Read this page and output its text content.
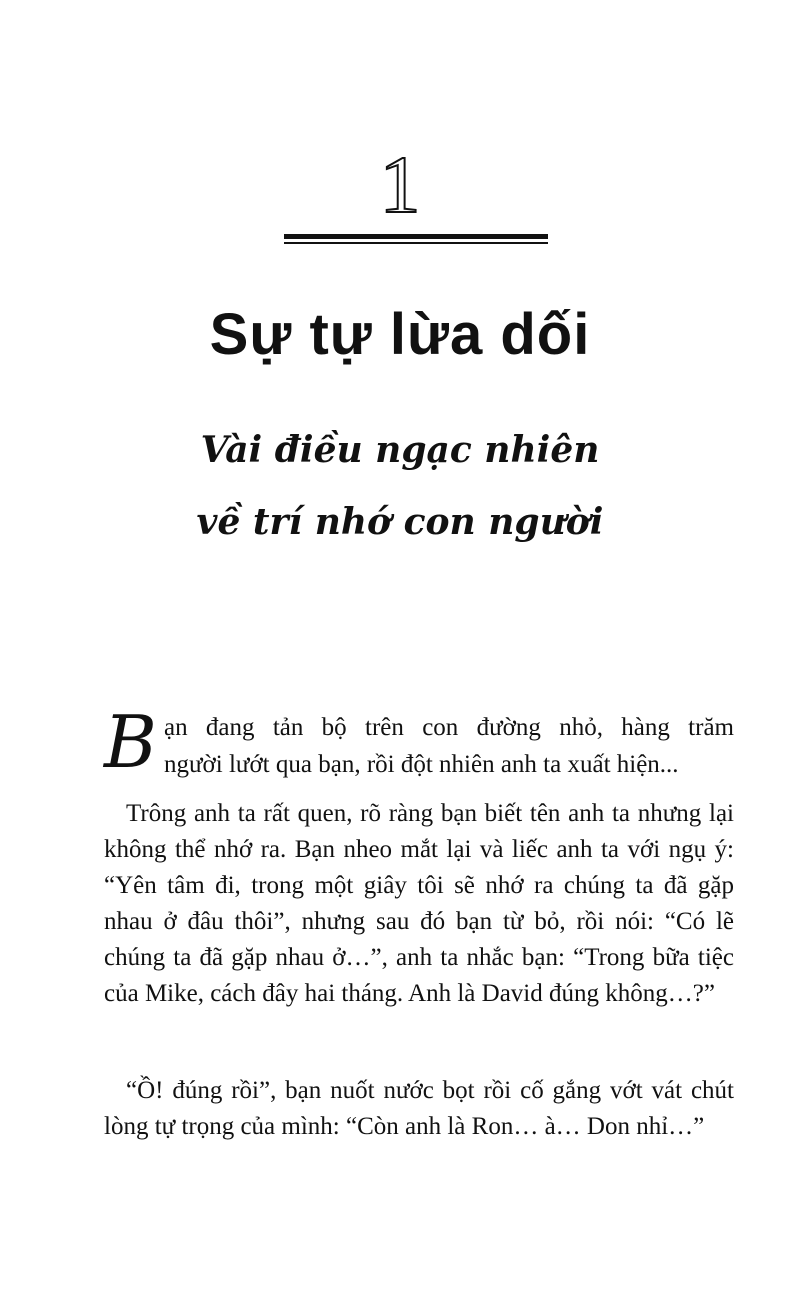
1
Sự tự lừa dối
Vài điều ngạc nhiên
về trí nhớ con người
B ạn đang tản bộ trên con đường nhỏ, hàng trăm
người lướt qua bạn, rồi đột nhiên anh ta xuất hiện...

Trông anh ta rất quen, rõ ràng bạn biết tên anh ta nhưng lại không thể nhớ ra. Bạn nheo mắt lại và liếc anh ta với ngụ ý: “Yên tâm đi, trong một giây tôi sẽ nhớ ra chúng ta đã gặp nhau ở đâu thôi”, nhưng sau đó bạn từ bỏ, rồi nói: “Có lẽ chúng ta đã gặp nhau ở…”, anh ta nhắc bạn: “Trong bữa tiệc của Mike, cách đây hai tháng. Anh là David đúng không…?”

“Ồ! đúng rồi”, bạn nuốt nước bọt rồi cố gắng vớt vát chút lòng tự trọng của mình: “Còn anh là Ron… à… Don nhỉ…”
